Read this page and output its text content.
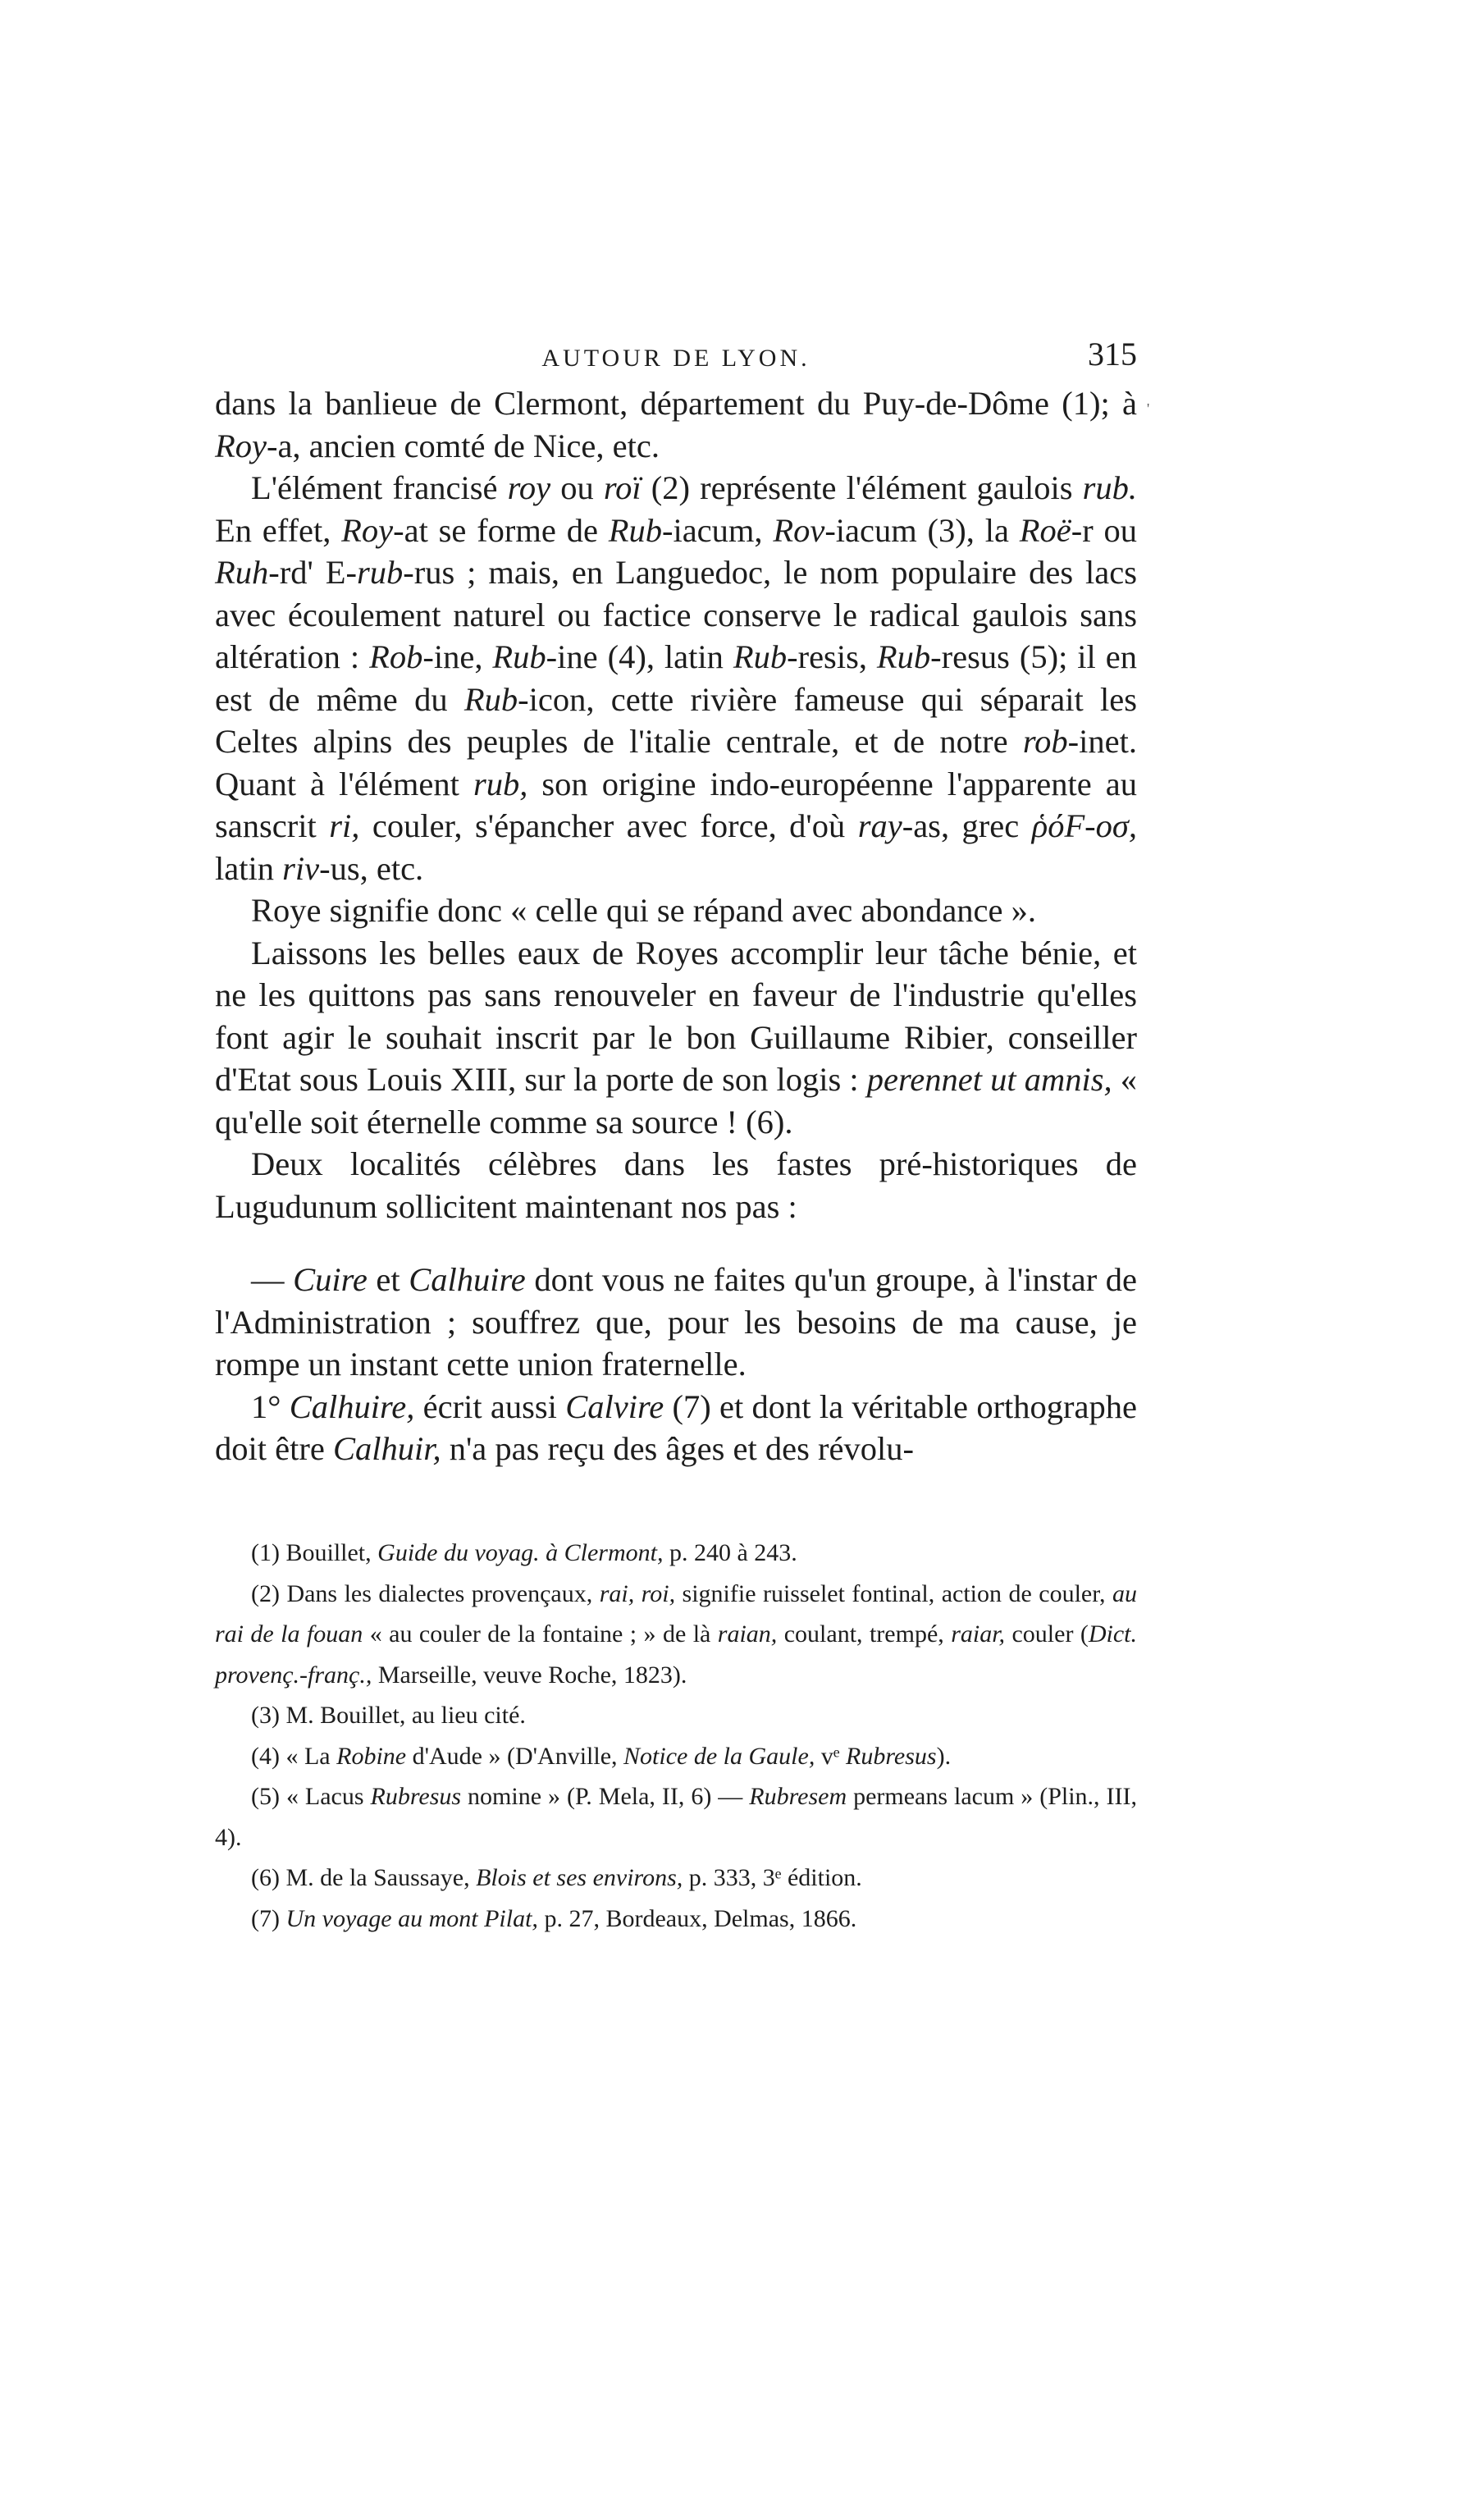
AUTOUR DE LYON.	315
'

dans la banlieue de Clermont, département du Puy-de-Dôme (1); à Roy-a, ancien comté de Nice, etc.

L'élément francisé roy ou roï (2) représente l'élément gaulois rub. En effet, Roy-at se forme de Rub-iacum, Rov-iacum (3), la Roë-r ou Ruh-rd' E-rub-rus ; mais, en Languedoc, le nom populaire des lacs avec écoulement naturel ou factice conserve le radical gaulois sans altération : Rob-ine, Rub-ine (4), latin Rub-resis, Rub-resus (5); il en est de même du Rub-icon, cette rivière fameuse qui séparait les Celtes alpins des peuples de l'italie centrale, et de notre rob-inet. Quant à l'élément rub, son origine indo-européenne l'apparente au sanscrit ri, couler, s'épancher avec force, d'où ray-as, grec ῥόF-οσ, latin riv-us, etc.

Roye signifie donc « celle qui se répand avec abondance ».

Laissons les belles eaux de Royes accomplir leur tâche bénie, et ne les quittons pas sans renouveler en faveur de l'industrie qu'elles font agir le souhait inscrit par le bon Guillaume Ribier, conseiller d'Etat sous Louis XIII, sur la porte de son logis : perennet ut amnis, « qu'elle soit éternelle comme sa source ! (6).

Deux localités célèbres dans les fastes pré-historiques de Lugudunum sollicitent maintenant nos pas :

— Cuire et Calhuire dont vous ne faites qu'un groupe, à l'instar de l'Administration ; souffrez que, pour les besoins de ma cause, je rompe un instant cette union fraternelle.

1° Calhuire, écrit aussi Calvire (7) et dont la véritable orthographe doit être Calhuir, n'a pas reçu des âges et des révolu-

(1) Bouillet, Guide du voyag. à Clermont, p. 240 à 243.

(2) Dans les dialectes provençaux, rai, roi, signifie ruisselet fontinal, action de couler, au rai de la fouan « au couler de la fontaine ; » de là raian, coulant, trempé, raiar, couler (Dict. provenç.-franç., Marseille, veuve Roche, 1823).

(3) M. Bouillet, au lieu cité.

(4) « La Robine d'Aude » (D'Anville, Notice de la Gaule, vᵉ Rubresus).

(5) « Lacus Rubresus nomine » (P. Mela, II, 6) — Rubresem permeans lacum » (Plin., III, 4).

(6) M. de la Saussaye, Blois et ses environs, p. 333, 3ᵉ édition.

(7) Un voyage au mont Pilat, p. 27, Bordeaux, Delmas, 1866.
